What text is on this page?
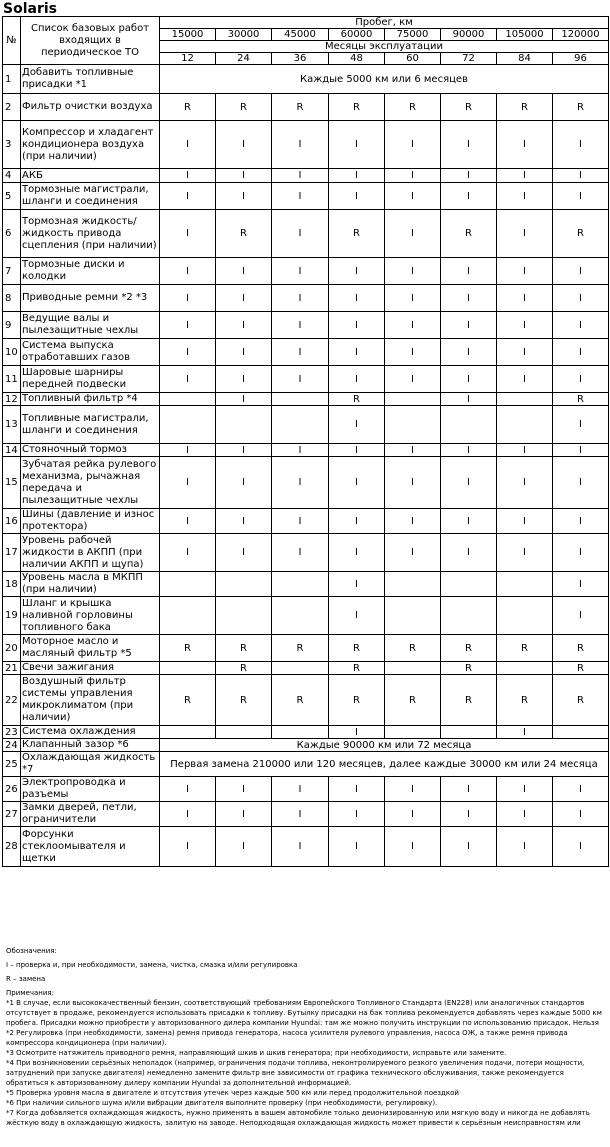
Solaris
№	Список базовых работ входящих в периодическое ТО	Пробег, км							
		15000	30000	45000	60000	75000	90000	105000	120000
		Месяцы эксплуатации							
		12	24	36	48	60	72	84	96
1	Добавить топливные присадки *1	Каждые 5000 км или 6 месяцев							
2	Фильтр очистки воздуха	R	R	R	R	R	R	R	R
3	Компрессор и хладагент кондиционера воздуха (при наличии)	I	I	I	I	I	I	I	I
4	АКБ	I	I	I	I	I	I	I	I
5	Тормозные магистрали, шланги и соединения	I	I	I	I	I	I	I	I
6	Тормозная жидкость/жидкость привода сцепления (при наличии)	I	R	I	R	I	R	I	R
7	Тормозные диски и колодки	I	I	I	I	I	I	I	I
8	Приводные ремни *2 *3	I	I	I	I	I	I	I	I
9	Ведущие валы и пылезащитные чехлы	I	I	I	I	I	I	I	I
10	Система выпуска отработавших газов	I	I	I	I	I	I	I	I
11	Шаровые шарниры передней подвески	I	I	I	I	I	I	I	I
12	Топливный фильтр *4		I		R		I		R
13	Топливные магистрали, шланги и соединения				I				I
14	Стояночный тормоз	I	I	I	I	I	I	I	I
15	Зубчатая рейка рулевого механизма, рычажная передача и пылезащитные чехлы	I	I	I	I	I	I	I	I
16	Шины (давление и износ протектора)	I	I	I	I	I	I	I	I
17	Уровень рабочей жидкости в АКПП (при наличии АКПП и щупа)	I	I	I	I	I	I	I	I
18	Уровень масла в МКПП (при наличии)				I				I
19	Шланг и крышка наливной горловины топливного бака				I				I
20	Моторное масло и масляный фильтр *5	R	R	R	R	R	R	R	R
21	Свечи зажигания		R		R		R		R
22	Воздушный фильтр системы управления микроклиматом (при наличии)	R	R	R	R	R	R	R	R
23	Система охлаждения				I			I	
24	Клапанный зазор *6	Каждые 90000 км или 72 месяца							
25	Охлаждающая жидкость *7	Первая замена 210000 или 120 месяцев, далее каждые 30000 км или 24 месяца							
26	Электропроводка и разъемы	I	I	I	I	I	I	I	I
27	Замки дверей, петли, ограничители	I	I	I	I	I	I	I	I
28	Форсунки стеклоомывателя и щетки	I	I	I	I	I	I	I	I
Обозначения:
I – проверка и, при необходимости, замена, чистка, смазка и/или регулировка
R – замена
Примечания:
*1 В случае, если высококачественный бензин, соответствующий требованиям Европейского Топливного Стандарта (EN228) или аналогичных стандартов отсутствует в продаже, рекомендуется использовать присадки к топливу. Бутылку присадки на бак топлива рекомендуется добавлять через каждые 5000 км пробега. Присадки можно приобрести у авторизованного дилера компании Hyundai: там же можно получить инструкции по использованию присадок. Нельзя
*2 Регулировка (при необходимости, замена) ремня привода генератора, насоса усилителя рулевого управления, насоса ОЖ, а также ремня привода компрессора кондиционера (при наличии).
*3 Осмотрите натяжитель приводного ремня, направляющий шкив и шкив генератора; при необходимости, исправьте или замените.
*4 При возникновении серьёзных неполадок (например, ограничения подачи топлива, неконтролируемого резкого увеличения подачи, потери мощности, затруднений при запуске двигателя) немедленно замените фильтр вне зависимости от графика технического обслуживания, также рекомендуется обратиться к авторизованному дилеру компании Hyundai за дополнительной информацией.
*5 Проверка уровня масла в двигателе и отсутствия утечек через каждые 500 км или перед продолжительной поездкой
*6 При наличии сильного шума и/или вибрации двигателя выполните проверку (при необходимости, регулировку).
*7 Когда добавляется охлаждающая жидкость, нужно применять в вашем автомобиле только деионизированную или мягкую воду и никогда не добавлять жёсткую воду в охлаждающую жидкость, залитую на заводе. Неподходящая охлаждающая жидкость может привести к серьёзным неисправностям или
